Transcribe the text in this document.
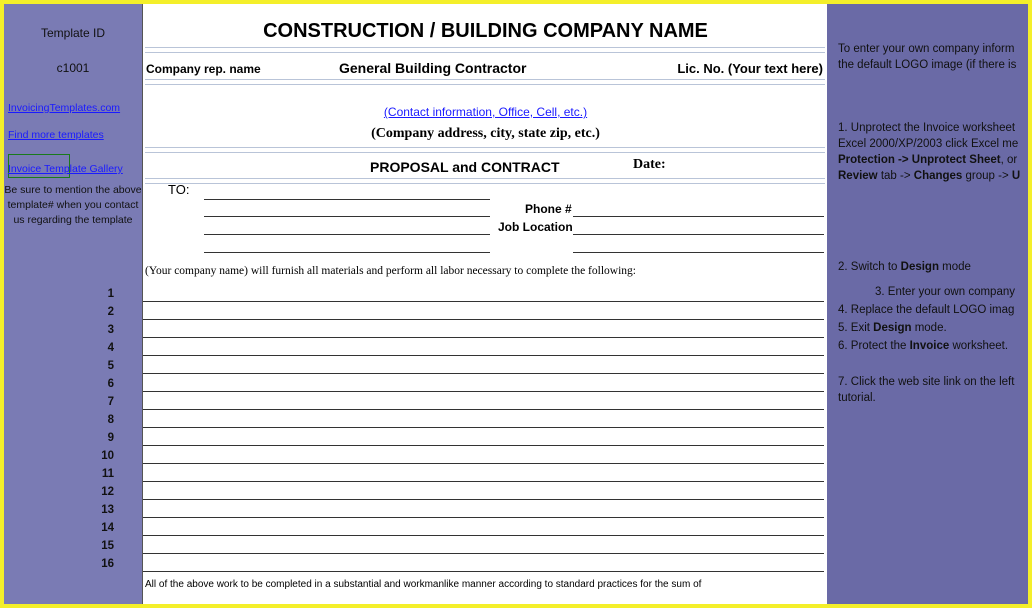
Template ID
c1001
InvoicingTemplates.com
Find more templates
Invoice Template Gallery
Be sure to mention the above template# when you contact us regarding the template
1
2
3
4
5
6
7
8
9
10
11
12
13
14
15
16
CONSTRUCTION / BUILDING COMPANY NAME
Company rep. name	General Building Contractor	Lic. No. (Your text here)
(Contact information, Office, Cell, etc.)
(Company address, city, state zip, etc.)
PROPOSAL and CONTRACT	Date:
TO:
Phone #
Job Location
(Your company name) will furnish all materials and perform all labor necessary to complete the following:
All of the above work to be completed in a substantial and workmanlike manner according to standard practices for the sum of
To enter your own company inform
the default LOGO image (if there is
1. Unprotect the Invoice worksheet
Excel 2000/XP/2003 click Excel me
Protection -> Unprotect Sheet, or
Review tab -> Changes group -> U
2. Switch to Design mode
3. Enter your own company
4. Replace the default LOGO imag
5. Exit Design mode.
6. Protect the Invoice worksheet.
7. Click the web site link on the left
tutorial.
